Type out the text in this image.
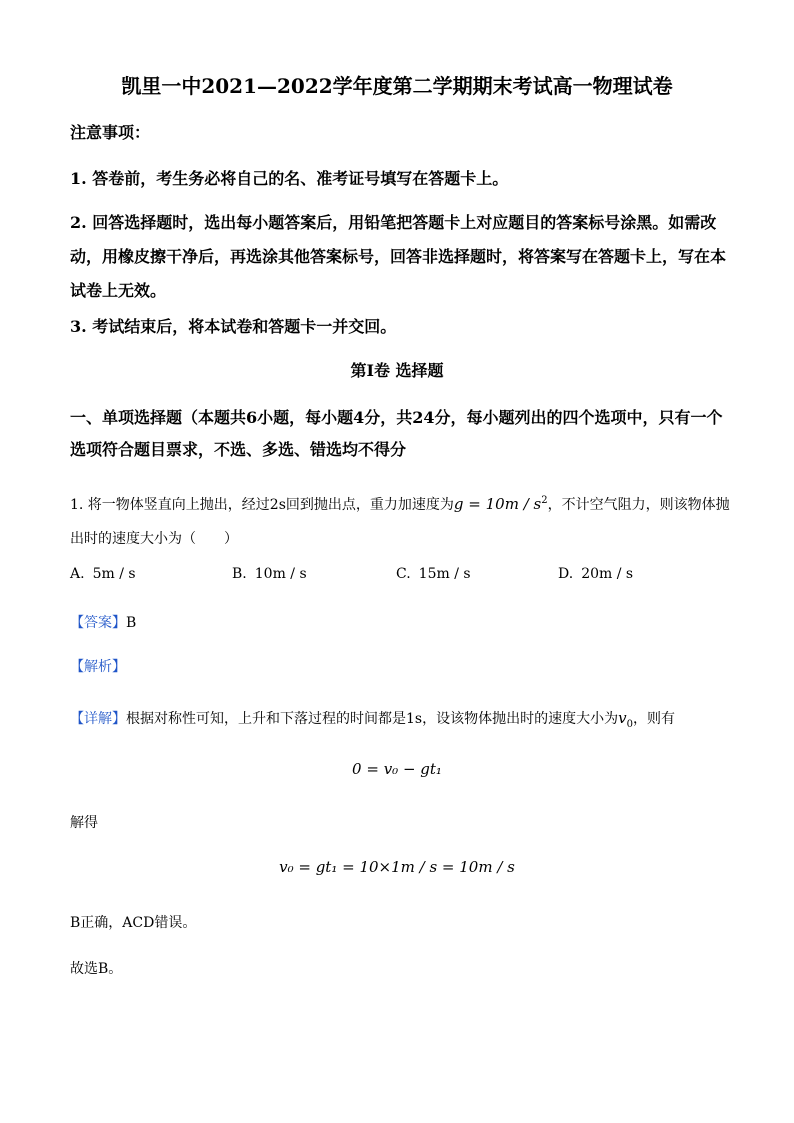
凯里一中2021—2022学年度第二学期期末考试高一物理试卷
注意事项：
1. 答卷前，考生务必将自己的名、准考证号填写在答题卡上。
2. 回答选择题时，选出每小题答案后，用铅笔把答题卡上对应题目的答案标号涂黑。如需改动，用橡皮擦干净后，再选涂其他答案标号，回答非选择题时，将答案写在答题卡上，写在本试卷上无效。
3. 考试结束后，将本试卷和答题卡一并交回。
第I卷 选择题
一、单项选择题（本题共6小题，每小题4分，共24分，每小题列出的四个选项中，只有一个选项符合题目票求，不选、多选、错选均不得分
1. 将一物体竖直向上抛出，经过2s回到抛出点，重力加速度为$g = 10m / s^2$，不计空气阻力，则该物体抛出时的速度大小为（　　）
A. 5m / s	B. 10m / s	C. 15m / s	D. 20m / s
【答案】B
【解析】
【详解】根据对称性可知，上升和下落过程的时间都是1s，设该物体抛出时的速度大小为$v_0$，则有
0 = v₀ − gt₁
解得
v₀ = gt₁ = 10×1m / s = 10m / s
B正确，ACD错误。
故选B。
